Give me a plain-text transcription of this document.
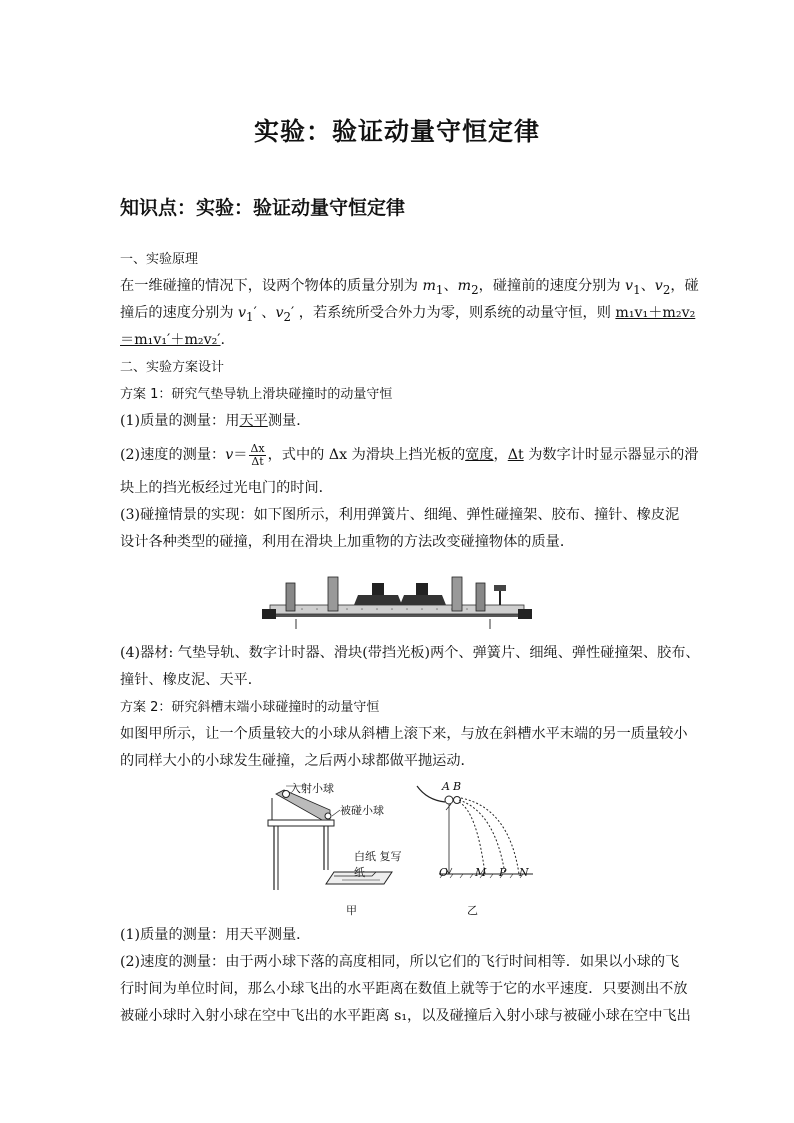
实验：验证动量守恒定律
知识点：实验：验证动量守恒定律
一、实验原理
在一维碰撞的情况下，设两个物体的质量分别为 $m_1$、$m_2$，碰撞前的速度分别为 $v_1$、$v_2$，碰
撞后的速度分别为 $v_1'$ 、$v_2'$ ，若系统所受合外力为零，则系统的动量守恒，则 m₁v₁＋m₂v₂
＝m₁v₁′＋m₂v₂′.
二、实验方案设计
方案 1：研究气垫导轨上滑块碰撞时的动量守恒
(1)质量的测量：用天平测量．
(2)速度的测量：$v= \frac{\Delta x}{\Delta t}$ ，式中的 Δx 为滑块上挡光板的宽度，Δt 为数字计时显示器显示的滑
块上的挡光板经过光电门的时间．
(3)碰撞情景的实现：如下图所示，利用弹簧片、细绳、弹性碰撞架、胶布、撞针、橡皮泥
设计各种类型的碰撞，利用在滑块上加重物的方法改变碰撞物体的质量．
(4)器材: 气垫导轨、数字计时器、滑块(带挡光板)两个、弹簧片、细绳、弹性碰撞架、胶布、
撞针、橡皮泥、天平．
方案 2：研究斜槽末端小球碰撞时的动量守恒
如图甲所示，让一个质量较大的小球从斜槽上滚下来，与放在斜槽水平末端的另一质量较小
的同样大小的小球发生碰撞，之后两小球都做平抛运动．
入射小球
被碰小球
白纸 复写纸
甲
A B
O M P N
乙
(1)质量的测量：用天平测量．
(2)速度的测量：由于两小球下落的高度相同，所以它们的飞行时间相等．如果以小球的飞
行时间为单位时间，那么小球飞出的水平距离在数值上就等于它的水平速度．只要测出不放
被碰小球时入射小球在空中飞出的水平距离 s₁，以及碰撞后入射小球与被碰小球在空中飞出
